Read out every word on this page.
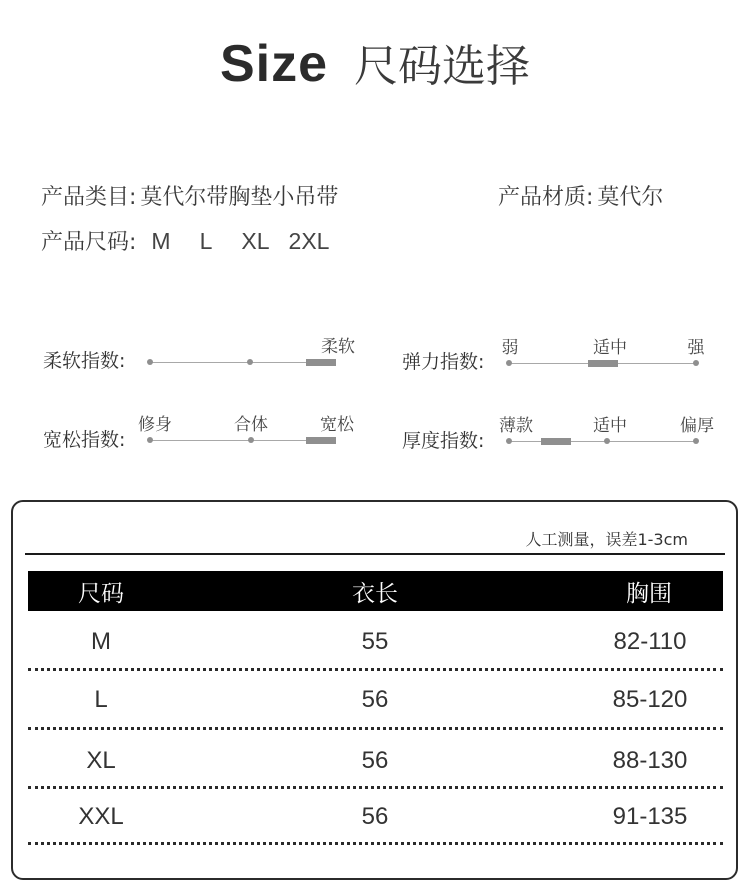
Size 尺码选择
产品类目: 莫代尔带胸垫小吊带	产品材质: 莫代尔
产品尺码: M L XL 2XL
柔软指数:
柔软
弹力指数:
弱	适中	强
宽松指数:
修身	合体	宽松
厚度指数:
薄款	适中	偏厚
人工测量，误差1-3cm
尺码	衣长	胸围
M	55	82-110
L	56	85-120
XL	56	88-130
XXL	56	91-135
